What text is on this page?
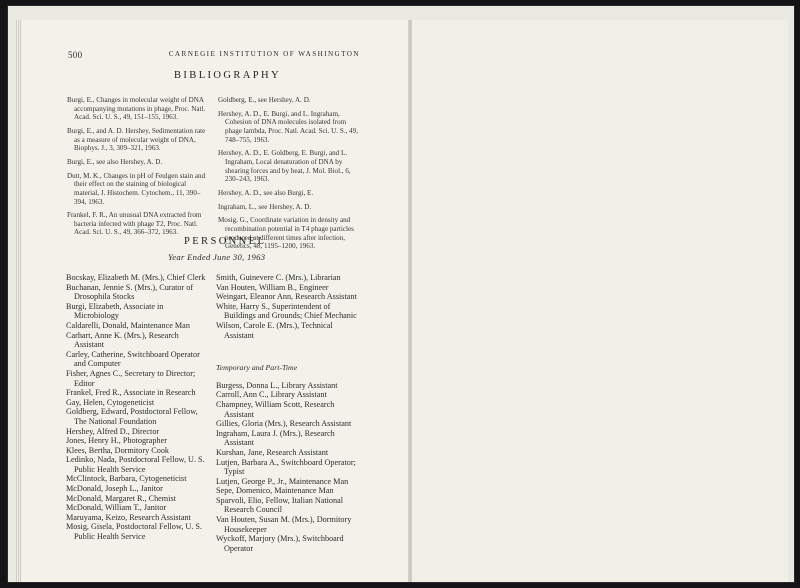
500	CARNEGIE INSTITUTION OF WASHINGTON
BIBLIOGRAPHY
Burgi, E., Changes in molecular weight of DNA accompanying mutations in phage, Proc. Natl. Acad. Sci. U. S., 49, 151–155, 1963.
Burgi, E., and A. D. Hershey, Sedimentation rate as a measure of molecular weight of DNA, Biophys. J., 3, 309–321, 1963.
Burgi, E., see also Hershey, A. D.
Dutt, M. K., Changes in pH of Feulgen stain and their effect on the staining of biological material, J. Histochem. Cytochem., 11, 390–394, 1963.
Frankel, F. R., An unusual DNA extracted from bacteria infected with phage T2, Proc. Natl. Acad. Sci. U. S., 49, 366–372, 1963.
Goldberg, E., see Hershey, A. D.
Hershey, A. D., E. Burgi, and L. Ingraham, Cohesion of DNA molecules isolated from phage lambda, Proc. Natl. Acad. Sci. U. S., 49, 748–755, 1963.
Hershey, A. D., E. Goldberg, E. Burgi, and L. Ingraham, Local denaturation of DNA by shearing forces and by heat, J. Mol. Biol., 6, 230–243, 1963.
Hershey, A. D., see also Burgi, E.
Ingraham, L., see Hershey, A. D.
Mosig, G., Coordinate variation in density and recombination potential in T4 phage particles produced at different times after infection, Genetics, 48, 1195–1200, 1963.
PERSONNEL
Year Ended June 30, 1963
Bocskay, Elizabeth M. (Mrs.), Chief Clerk
Buchanan, Jennie S. (Mrs.), Curator of Drosophila Stocks
Burgi, Elizabeth, Associate in Microbiology
Caldarelli, Donald, Maintenance Man
Carhart, Anne K. (Mrs.), Research Assistant
Carley, Catherine, Switchboard Operator and Computer
Fisher, Agnes C., Secretary to Director; Editor
Frankel, Fred R., Associate in Research
Gay, Helen, Cytogeneticist
Goldberg, Edward, Postdoctoral Fellow, The National Foundation
Hershey, Alfred D., Director
Jones, Henry H., Photographer
Klees, Bertha, Dormitory Cook
Ledinko, Nada, Postdoctoral Fellow, U. S. Public Health Service
McClintock, Barbara, Cytogeneticist
McDonald, Joseph L., Janitor
McDonald, Margaret R., Chemist
McDonald, William T., Janitor
Maruyama, Keizo, Research Assistant
Mosig, Gisela, Postdoctoral Fellow, U. S. Public Health Service
Smith, Guinevere C. (Mrs.), Librarian
Van Houten, William B., Engineer
Weingart, Eleanor Ann, Research Assistant
White, Harry S., Superintendent of Buildings and Grounds; Chief Mechanic
Wilson, Carole E. (Mrs.), Technical Assistant

Temporary and Part-Time

Burgess, Donna L., Library Assistant
Carroll, Ann C., Library Assistant
Champney, William Scott, Research Assistant
Gillies, Gloria (Mrs.), Research Assistant
Ingraham, Laura J. (Mrs.), Research Assistant
Kurshan, Jane, Research Assistant
Lutjen, Barbara A., Switchboard Operator; Typist
Lutjen, George P., Jr., Maintenance Man
Sepe, Domenico, Maintenance Man
Sparvoli, Elio, Fellow, Italian National Research Council
Van Houten, Susan M. (Mrs.), Dormitory Housekeeper
Wyckoff, Marjory (Mrs.), Switchboard Operator
